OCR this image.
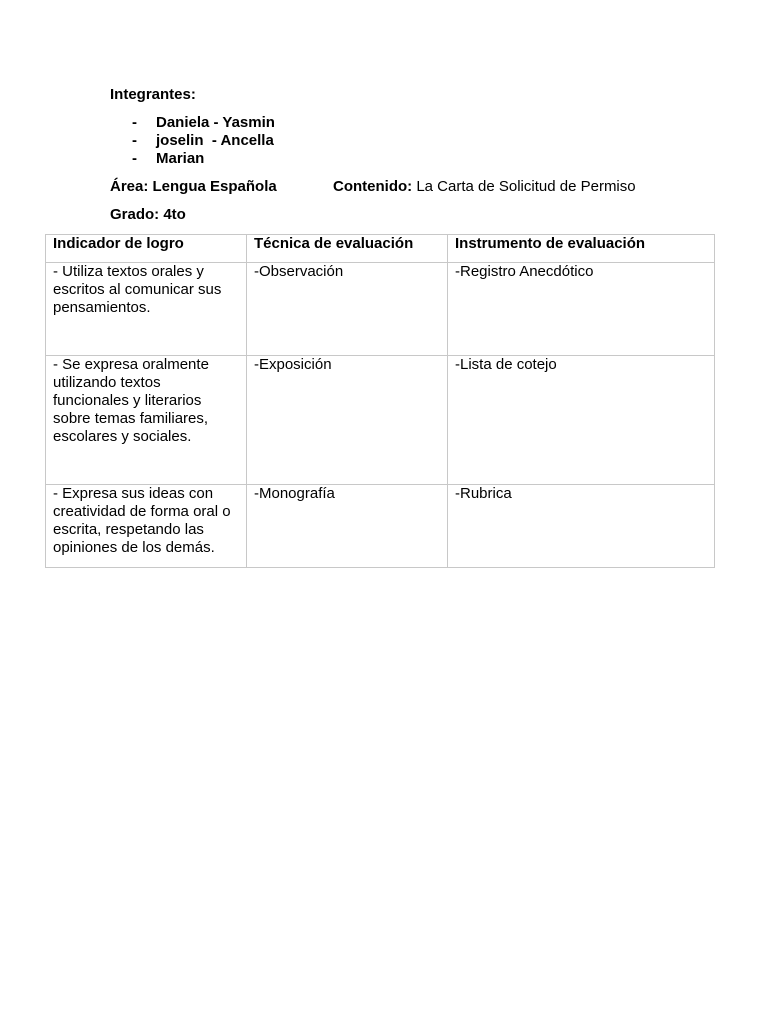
Integrantes:
- Daniela - Yasmin
- joselin  - Ancella
- Marian
Área: Lengua Española	Contenido: La Carta de Solicitud de Permiso
Grado: 4to
Indicador de logro	Técnica de evaluación	Instrumento de evaluación

- Utiliza textos orales y escritos al comunicar sus pensamientos.	-Observación	-Registro Anecdótico
- Se expresa oralmente utilizando textos funcionales y literarios sobre temas familiares, escolares y sociales.	-Exposición	-Lista de cotejo
- Expresa sus ideas con creatividad de forma oral o escrita, respetando las opiniones de los demás.	-Monografía	-Rubrica
